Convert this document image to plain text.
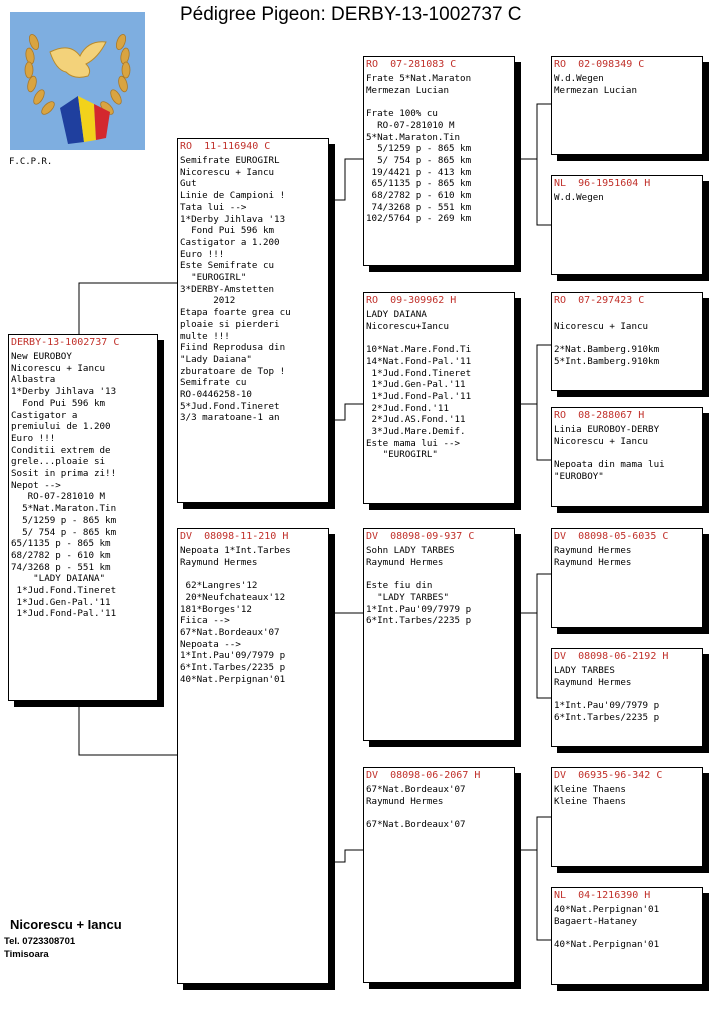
Pédigree Pigeon: DERBY-13-1002737 C
F.C.P.R.
DERBY-13-1002737 C
New EUROBOY
Nicorescu + Iancu
Albastra
1*Derby Jihlava '13
Fond Pui 596 km
Castigator a
premiului de 1.200
Euro !!!
Conditii extrem de
grele...ploaie si
Sosit in prima zi!!
Nepot -->
RO-07-281010 M
5*Nat.Maraton.Tin
5/1259 p - 865 km
5/ 754 p - 865 km
65/1135 p - 865 km
68/2782 p - 610 km
74/3268 p - 551 km
"LADY DAIANA"
1*Jud.Fond.Tineret
1*Jud.Gen-Pal.'11
1*Jud.Fond-Pal.'11
RO  11-116940 C
Semifrate EUROGIRL
Nicorescu + Iancu
Gut
Linie de Campioni !
Tata lui -->
1*Derby Jihlava '13
Fond Pui 596 km
Castigator a 1.200
Euro !!!
Este Semifrate cu
"EUROGIRL"
3*DERBY-Amstetten
2012
Etapa foarte grea cu
ploaie si pierderi
multe !!!
Fiind Reprodusa din
"Lady Daiana"
zburatoare de Top !
Semifrate cu
RO-0446258-10
5*Jud.Fond.Tineret
3/3 maratoane-1 an
DV  08098-11-210 H
Nepoata 1*Int.Tarbes
Raymund Hermes

62*Langres'12
20*Neufchateaux'12
181*Borges'12
Fiica -->
67*Nat.Bordeaux'07
Nepoata -->
1*Int.Pau'09/7979 p
6*Int.Tarbes/2235 p
40*Nat.Perpignan'01
RO  07-281083 C
Frate 5*Nat.Maraton
Mermezan Lucian

Frate 100% cu
RO-07-281010 M
5*Nat.Maraton.Tin
5/1259 p - 865 km
5/ 754 p - 865 km
19/4421 p - 413 km
65/1135 p - 865 km
68/2782 p - 610 km
74/3268 p - 551 km
102/5764 p - 269 km
RO  09-309962 H
LADY DAIANA
Nicorescu+Iancu

10*Nat.Mare.Fond.Ti
14*Nat.Fond-Pal.'11
1*Jud.Fond.Tineret
1*Jud.Gen-Pal.'11
1*Jud.Fond-Pal.'11
2*Jud.Fond.'11
2*Jud.AS.Fond.'11
3*Jud.Mare.Demif.
Este mama lui -->
"EUROGIRL"
DV  08098-09-937 C
Sohn LADY TARBES
Raymund Hermes

Este fiu din
"LADY TARBES"
1*Int.Pau'09/7979 p
6*Int.Tarbes/2235 p
DV  08098-06-2067 H
67*Nat.Bordeaux'07
Raymund Hermes

67*Nat.Bordeaux'07
RO  02-098349 C
W.d.Wegen
Mermezan Lucian
NL  96-1951604 H
W.d.Wegen
RO  07-297423 C

Nicorescu + Iancu

2*Nat.Bamberg.910km
5*Int.Bamberg.910km
RO  08-288067 H
Linia EUROBOY-DERBY
Nicorescu + Iancu

Nepoata din mama lui
"EUROBOY"
DV  08098-05-6035 C
Raymund Hermes
Raymund Hermes
DV  08098-06-2192 H
LADY TARBES
Raymund Hermes

1*Int.Pau'09/7979 p
6*Int.Tarbes/2235 p
DV  06935-96-342 C
Kleine Thaens
Kleine Thaens
NL  04-1216390 H
40*Nat.Perpignan'01
Bagaert-Hataney

40*Nat.Perpignan'01
Nicorescu + Iancu
Tel. 0723308701
Timisoara
